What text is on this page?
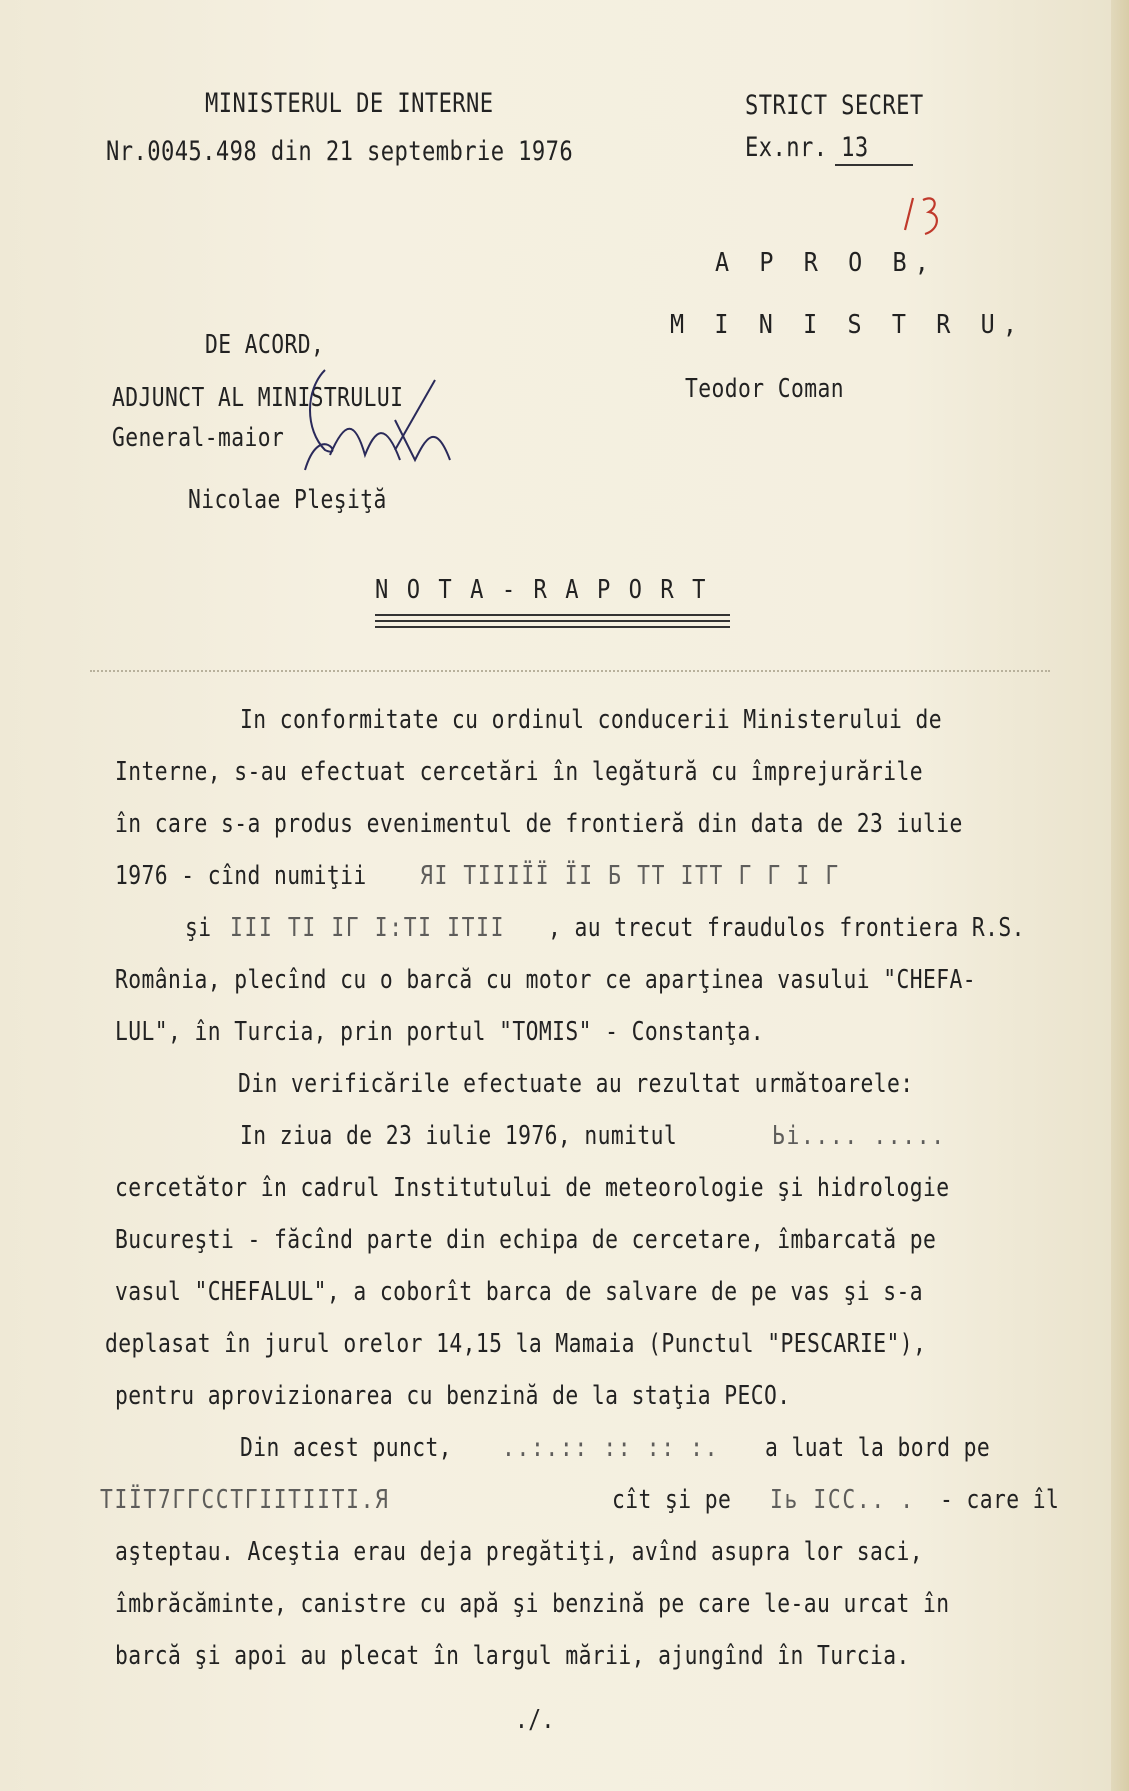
MINISTERUL DE INTERNE
Nr.0045.498 din 21 septembrie 1976
STRICT SECRET
Ex.nr. 13
A P R O B,
M I N I S T R U,
Teodor Coman
DE ACORD,
ADJUNCT AL MINISTRULUI
General-maior
Nicolae Pleşiţă
N O T A - R A P O R T
In conformitate cu ordinul conducerii Ministerului de
Interne, s-au efectuat cercetări în legătură cu împrejurările
în care s-a produs evenimentul de frontieră din data de 23 iulie
1976 - cînd numiţii ЯІ ТІІІЇЇ ЇІ Б ТТ ІТТ Г Г І Г
şi ІІІ ТІ ІГ І:ТІ ІТІІ , au trecut fraudulos frontiera R.S.
România, plecînd cu o barcă cu motor ce aparţinea vasului "CHEFA-
LUL", în Turcia, prin portul "TOMIS" - Constanţa.
Din verificările efectuate au rezultat următoarele:
In ziua de 23 iulie 1976, numitul	Ьі.... .....
cercetător în cadrul Institutului de meteorologie şi hidrologie
Bucureşti - făcînd parte din echipa de cercetare, îmbarcată pe
vasul "CHEFALUL", a coborît barca de salvare de pe vas şi s-a
deplasat în jurul orelor 14,15 la Mamaia (Punctul "PESCARIE"),
pentru aprovizionarea cu benzină de la staţia PECO.
Din acest punct, ..:.:: :: :: :. a luat la bord pe
ТІЇТ7ГГССТГІІТІІТІ.Я	cît şi pe Іь ІСС.. . - care îl
aşteptau. Aceştia erau deja pregătiţi, avînd asupra lor saci,
îmbrăcăminte, canistre cu apă şi benzină pe care le-au urcat în
barcă şi apoi au plecat în largul mării, ajungînd în Turcia.
./.
